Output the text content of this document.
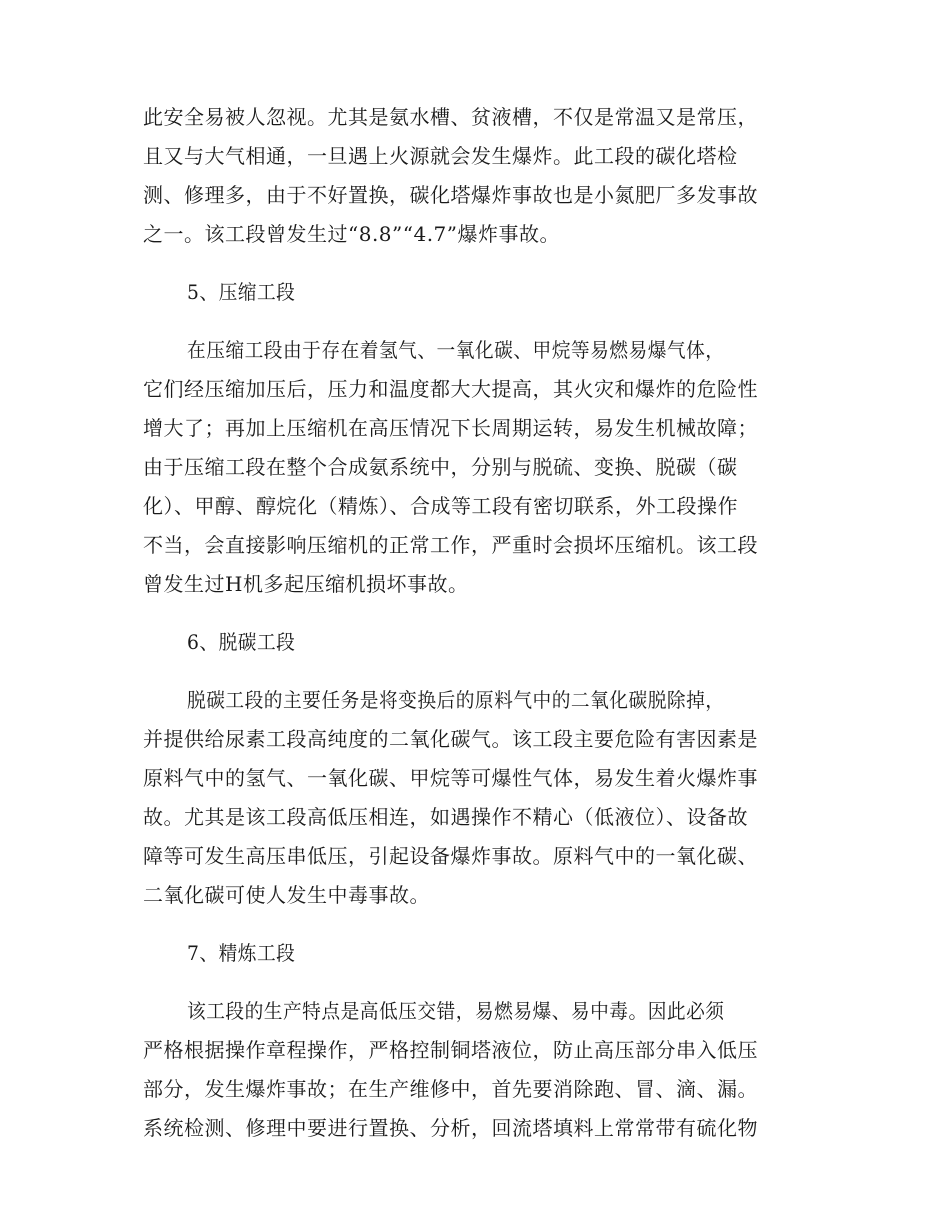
此安全易被人忽视。尤其是氨水槽、贫液槽，不仅是常温又是常压，
且又与大气相通，一旦遇上火源就会发生爆炸。此工段的碳化塔检
测、修理多，由于不好置换，碳化塔爆炸事故也是小氮肥厂多发事故
之一。该工段曾发生过“8.8”“4.7”爆炸事故。
5、压缩工段
在压缩工段由于存在着氢气、一氧化碳、甲烷等易燃易爆气体，
它们经压缩加压后，压力和温度都大大提高，其火灾和爆炸的危险性
增大了；再加上压缩机在高压情况下长周期运转，易发生机械故障；
由于压缩工段在整个合成氨系统中，分别与脱硫、变换、脱碳（碳
化）、甲醇、醇烷化（精炼）、合成等工段有密切联系，外工段操作
不当，会直接影响压缩机的正常工作，严重时会损坏压缩机。该工段
曾发生过H机多起压缩机损坏事故。
6、脱碳工段
脱碳工段的主要任务是将变换后的原料气中的二氧化碳脱除掉，
并提供给尿素工段高纯度的二氧化碳气。该工段主要危险有害因素是
原料气中的氢气、一氧化碳、甲烷等可爆性气体，易发生着火爆炸事
故。尤其是该工段高低压相连，如遇操作不精心（低液位）、设备故
障等可发生高压串低压，引起设备爆炸事故。原料气中的一氧化碳、
二氧化碳可使人发生中毒事故。
7、精炼工段
该工段的生产特点是高低压交错，易燃易爆、易中毒。因此必须
严格根据操作章程操作，严格控制铜塔液位，防止高压部分串入低压
部分，发生爆炸事故；在生产维修中，首先要消除跑、冒、滴、漏。
系统检测、修理中要进行置换、分析，回流塔填料上常常带有硫化物
